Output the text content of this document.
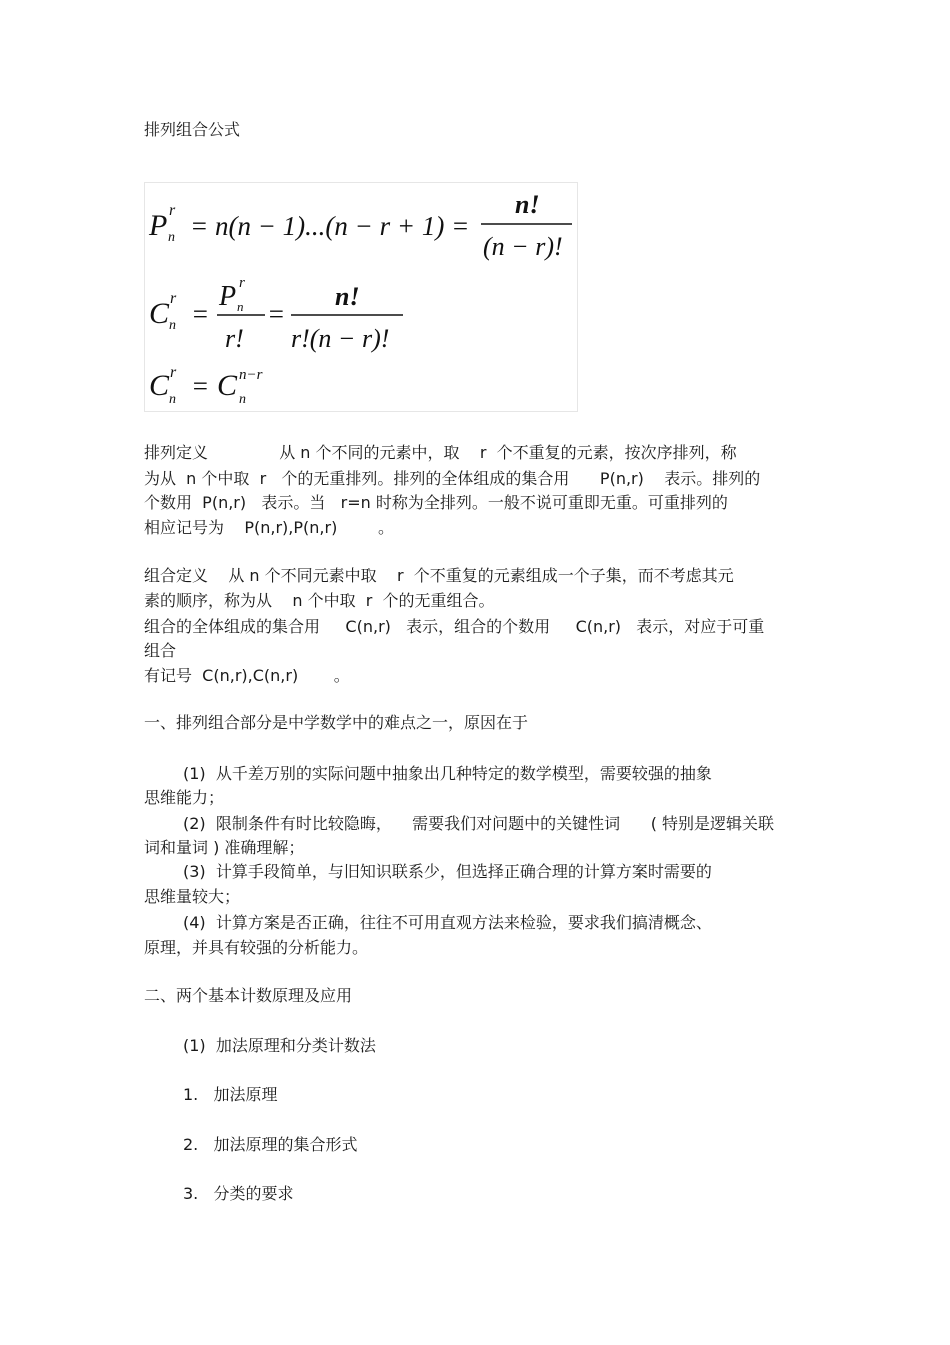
排列组合公式
P r
n = n(n − 1)...(n − r + 1) =
n!
(n − r)!
C r
n =
P r
n
r!
=
n!
r!(n − r)!
C r
n = C n−r
n
排列定义              从 n 个不同的元素中，取    r  个不重复的元素，按次序排列，称
为从  n 个中取  r   个的无重排列。排列的全体组成的集合用      P(n,r)    表示。排列的
个数用  P(n,r)   表示。当   r=n 时称为全排列。一般不说可重即无重。可重排列的
相应记号为    P(n,r),P(n,r)        。
组合定义    从 n 个不同元素中取    r  个不重复的元素组成一个子集，而不考虑其元
素的顺序，称为从    n 个中取  r  个的无重组合。
组合的全体组成的集合用     C(n,r)   表示，组合的个数用     C(n,r)   表示，对应于可重
组合
有记号  C(n,r),C(n,r)       。
一、排列组合部分是中学数学中的难点之一，原因在于
(1)  从千差万别的实际问题中抽象出几种特定的数学模型，需要较强的抽象
思维能力；
(2)  限制条件有时比较隐晦，    需要我们对问题中的关键性词      ( 特别是逻辑关联
词和量词 ) 准确理解；
(3)  计算手段简单，与旧知识联系少，但选择正确合理的计算方案时需要的
思维量较大；
(4)  计算方案是否正确，往往不可用直观方法来检验，要求我们搞清概念、
原理，并具有较强的分析能力。
二、两个基本计数原理及应用
(1)  加法原理和分类计数法
1.   加法原理
2.   加法原理的集合形式
3.   分类的要求
